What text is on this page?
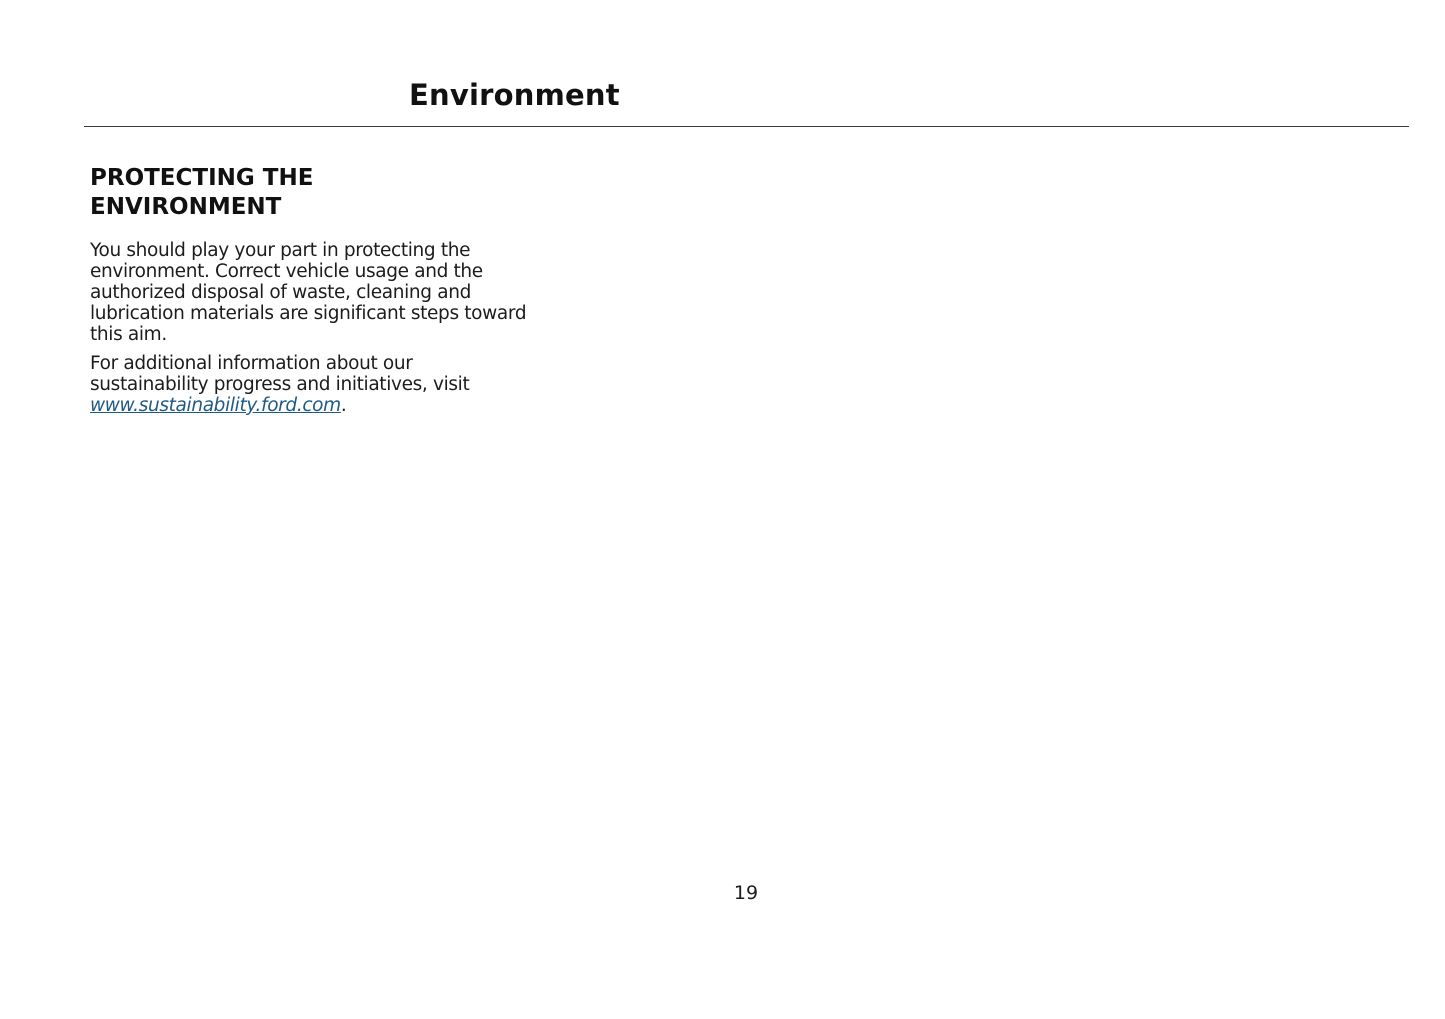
Environment
PROTECTING THE ENVIRONMENT

You should play your part in protecting the environment. Correct vehicle usage and the authorized disposal of waste, cleaning and lubrication materials are significant steps toward this aim.

For additional information about our sustainability progress and initiatives, visit www.sustainability.ford.com.

19
